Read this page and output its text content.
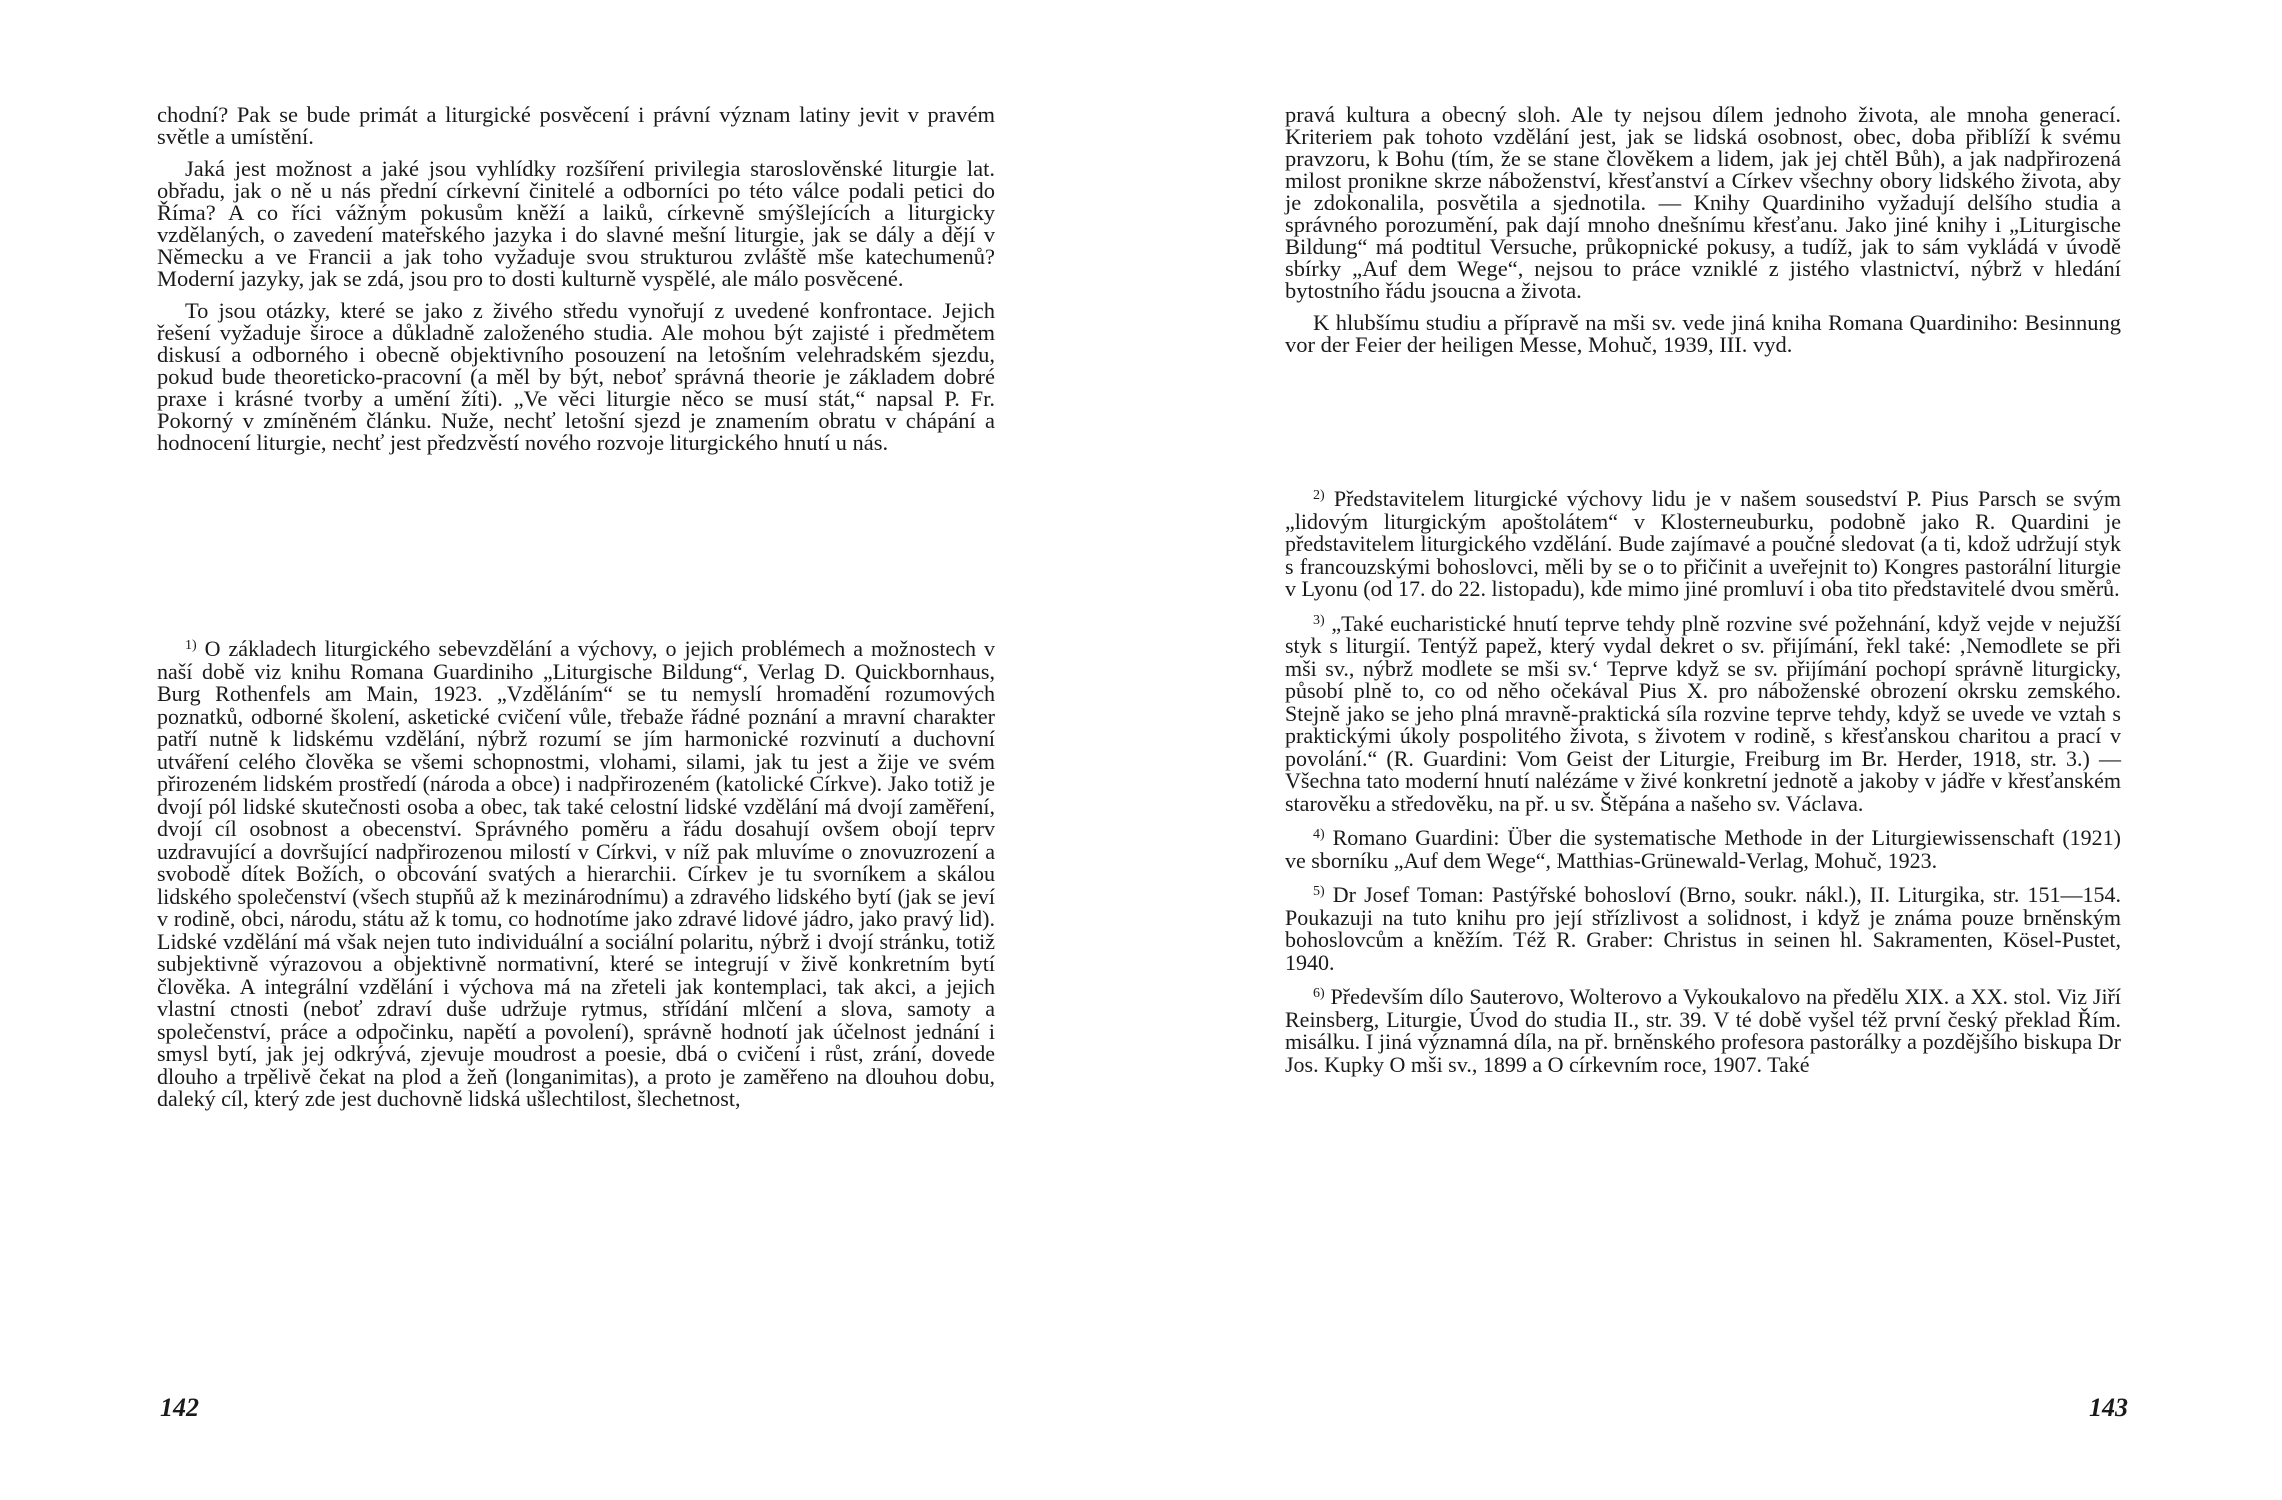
chodní? Pak se bude primát a liturgické posvěcení i právní význam latiny jevit v pravém světle a umístění.

Jaká jest možnost a jaké jsou vyhlídky rozšíření privilegia staroslověnské liturgie lat. obřadu, jak o ně u nás přední církevní činitelé a odborníci po této válce podali petici do Říma? A co říci vážným pokusům kněží a laiků, církevně smýšlejících a liturgicky vzdělaných, o zavedení mateřského jazyka i do slavné mešní liturgie, jak se dály a dějí v Německu a ve Francii a jak toho vyžaduje svou strukturou zvláště mše katechumenů? Moderní jazyky, jak se zdá, jsou pro to dosti kulturně vyspělé, ale málo posvěcené.

To jsou otázky, které se jako z živého středu vynořují z uvedené konfrontace. Jejich řešení vyžaduje široce a důkladně založeného studia. Ale mohou být zajisté i předmětem diskusí a odborného i obecně objektivního posouzení na letošním velehradském sjezdu, pokud bude theoreticko-pracovní (a měl by být, neboť správná theorie je základem dobré praxe i krásné tvorby a umění žíti). „Ve věci liturgie něco se musí stát,“ napsal P. Fr. Pokorný v zmíněném článku. Nuže, nechť letošní sjezd je znamením obratu v chápání a hodnocení liturgie, nechť jest předzvěstí nového rozvoje liturgického hnutí u nás.

$^{1)}$ O základech liturgického sebevzdělání a výchovy, o jejich problémech a možnostech v naší době viz knihu Romana Guardiniho „Liturgische Bildung“, Verlag D. Quickbornhaus, Burg Rothenfels am Main, 1923. „Vzděláním“ se tu nemyslí hromadění rozumových poznatků, odborné školení, asketické cvičení vůle, třebaže řádné poznání a mravní charakter patří nutně k lidskému vzdělání, nýbrž rozumí se jím harmonické rozvinutí a duchovní utváření celého člověka se všemi schopnostmi, vlohami, silami, jak tu jest a žije ve svém přirozeném lidském prostředí (národa a obce) i nadpřirozeném (katolické Církve). Jako totiž je dvojí pól lidské skutečnosti osoba a obec, tak také celostní lidské vzdělání má dvojí zaměření, dvojí cíl osobnost a obecenství. Správného poměru a řádu dosahují ovšem obojí teprv uzdravující a dovršující nadpřirozenou milostí v Církvi, v níž pak mluvíme o znovuzrození a svobodě dítek Božích, o obcování svatých a hierarchii. Církev je tu svorníkem a skálou lidského společenství (všech stupňů až k mezinárodnímu) a zdravého lidského bytí (jak se jeví v rodině, obci, národu, státu až k tomu, co hodnotíme jako zdravé lidové jádro, jako pravý lid). Lidské vzdělání má však nejen tuto individuální a sociální polaritu, nýbrž i dvojí stránku, totiž subjektivně výrazovou a objektivně normativní, které se integrují v živě konkretním bytí člověka. A integrální vzdělání i výchova má na zřeteli jak kontemplaci, tak akci, a jejich vlastní ctnosti (neboť zdraví duše udržuje rytmus, střídání mlčení a slova, samoty a společenství, práce a odpočinku, napětí a povolení), správně hodnotí jak účelnost jednání i smysl bytí, jak jej odkrývá, zjevuje moudrost a poesie, dbá o cvičení i růst, zrání, dovede dlouho a trpělivě čekat na plod a žeň (longanimitas), a proto je zaměřeno na dlouhou dobu, daleký cíl, který zde jest duchovně lidská ušlechtilost, šlechetnost,

142

pravá kultura a obecný sloh. Ale ty nejsou dílem jednoho života, ale mnoha generací. Kriteriem pak tohoto vzdělání jest, jak se lidská osobnost, obec, doba přiblíží k svému pravzoru, k Bohu (tím, že se stane člověkem a lidem, jak jej chtěl Bůh), a jak nadpřirozená milost pronikne skrze náboženství, křesťanství a Církev všechny obory lidského života, aby je zdokonalila, posvětila a sjednotila. — Knihy Quardiniho vyžadují delšího studia a správného porozumění, pak dají mnoho dnešnímu křesťanu. Jako jiné knihy i „Liturgische Bildung“ má podtitul Versuche, průkopnické pokusy, a tudíž, jak to sám vykládá v úvodě sbírky „Auf dem Wege“, nejsou to práce vzniklé z jistého vlastnictví, nýbrž v hledání bytostního řádu jsoucna a života.

K hlubšímu studiu a přípravě na mši sv. vede jiná kniha Romana Quardiniho: Besinnung vor der Feier der heiligen Messe, Mohuč, 1939, III. vyd.

$^{2)}$ Představitelem liturgické výchovy lidu je v našem sousedství P. Pius Parsch se svým „lidovým liturgickým apoštolátem“ v Klosterneuburku, podobně jako R. Quardini je představitelem liturgického vzdělání. Bude zajímavé a poučné sledovat (a ti, kdož udržují styk s francouzskými bohoslovci, měli by se o to přičinit a uveřejnit to) Kongres pastorální liturgie v Lyonu (od 17. do 22. listopadu), kde mimo jiné promluví i oba tito představitelé dvou směrů.

$^{3)}$ „Také eucharistické hnutí teprve tehdy plně rozvine své požehnání, když vejde v nejužší styk s liturgií. Tentýž papež, který vydal dekret o sv. přijímání, řekl také: ‚Nemodlete se při mši sv., nýbrž modlete se mši sv.‘ Teprve když se sv. přijímání pochopí správně liturgicky, působí plně to, co od něho očekával Pius X. pro náboženské obrození okrsku zemského. Stejně jako se jeho plná mravně-praktická síla rozvine teprve tehdy, když se uvede ve vztah s praktickými úkoly pospolitého života, s životem v rodině, s křesťanskou charitou a prací v povolání.“ (R. Guardini: Vom Geist der Liturgie, Freiburg im Br. Herder, 1918, str. 3.) — Všechna tato moderní hnutí nalézáme v živé konkretní jednotě a jakoby v jádře v křesťanském starověku a středověku, na př. u sv. Štěpána a našeho sv. Václava.

$^{4)}$ Romano Guardini: Über die systematische Methode in der Liturgiewissenschaft (1921) ve sborníku „Auf dem Wege“, Matthias-Grünewald-Verlag, Mohuč, 1923.

$^{5)}$ Dr Josef Toman: Pastýřské bohosloví (Brno, soukr. nákl.), II. Liturgika, str. 151—154. Poukazuji na tuto knihu pro její střízlivost a solidnost, i když je známa pouze brněnským bohoslovcům a kněžím. Též R. Graber: Christus in seinen hl. Sakramenten, Kösel-Pustet, 1940.

$^{6)}$ Především dílo Sauterovo, Wolterovo a Vykoukalovo na předělu XIX. a XX. stol. Viz Jiří Reinsberg, Liturgie, Úvod do studia II., str. 39. V té době vyšel též první český překlad Řím. misálku. I jiná významná díla, na př. brněnského profesora pastorálky a pozdějšího biskupa Dr Jos. Kupky O mši sv., 1899 a O církevním roce, 1907. Také

143
